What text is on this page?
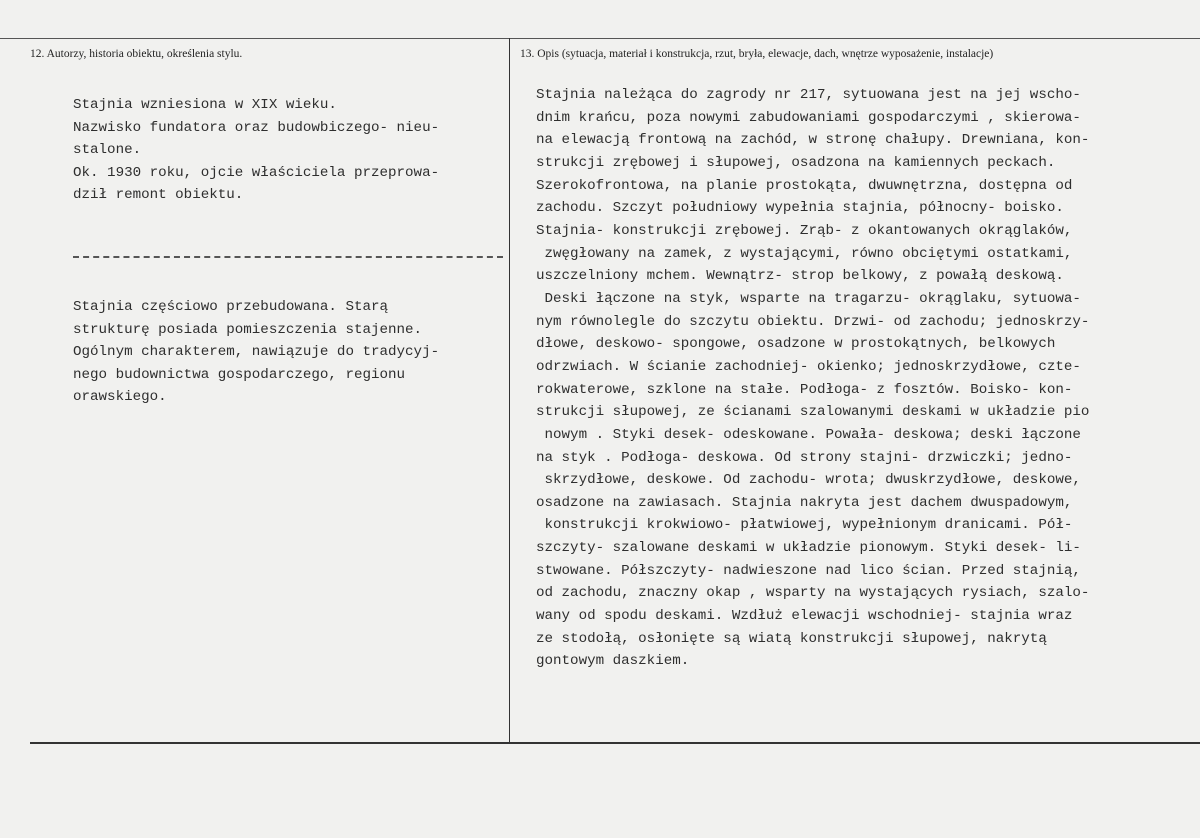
12. Autorzy, historia obiektu, określenia stylu.	13. Opis (sytuacja, materiał i konstrukcja, rzut, bryła, elewacje, dach, wnętrze wyposażenie, instalacje)
Stajnia wzniesiona w XIX wieku.
Nazwisko fundatora oraz budowbiczego- nieu-
stalone.
Ok. 1930 roku, ojcie właściciela przeprowa-
dził remont obiektu.
Stajnia częściowo przebudowana. Starą
strukturę posiada pomieszczenia stajenne.
Ogólnym charakterem, nawiązuje do tradycyj-
nego budownictwa gospodarczego, regionu
orawskiego.
Stajnia należąca do zagrody nr 217, sytuowana jest na jej wscho-
dnim krańcu, poza nowymi zabudowaniami gospodarczymi , skierowa-
na elewacją frontową na zachód, w stronę chałupy. Drewniana, kon-
strukcji zrębowej i słupowej, osadzona na kamiennych peckach.
Szerokofrontowa, na planie prostokąta, dwuwnętrzna, dostępna od
zachodu. Szczyt południowy wypełnia stajnia, północny- boisko.
Stajnia- konstrukcji zrębowej. Zrąb- z okantowanych okrąglaków,
zwęgłowany na zamek, z wystającymi, równo obciętymi ostatkami,
uszczelniony mchem. Wewnątrz- strop belkowy, z powałą deskową.
Deski łączone na styk, wsparte na tragarzu- okrąglaku, sytuowa-
nym równolegle do szczytu obiektu. Drzwi- od zachodu; jednoskrzy-
dłowe, deskowo- spongowe, osadzone w prostokątnych, belkowych
odrzwiach. W ścianie zachodniej- okienko; jednoskrzydłowe, czte-
rokwaterowe, szklone na stałe. Podłoga- z fosztów. Boisko- kon-
strukcji słupowej, ze ścianami szalowanymi deskami w układzie pio
nowym . Styki desek- odeskowane. Powała- deskowa; deski łączone
na styk . Podłoga- deskowa. Od strony stajni- drzwiczki; jedno-
skrzydłowe, deskowe. Od zachodu- wrota; dwuskrzydłowe, deskowe,
osadzone na zawiasach. Stajnia nakryta jest dachem dwuspadowym,
konstrukcji krokwiowo- płatwiowej, wypełnionym dranicami. Pół-
szczyty- szalowane deskami w układzie pionowym. Styki desek- li-
stwowane. Półszczyty- nadwieszone nad lico ścian. Przed stajnią,
od zachodu, znaczny okap , wsparty na wystających rysiach, szalo-
wany od spodu deskami. Wzdłuż elewacji wschodniej- stajnia wraz
ze stodołą, osłonięte są wiatą konstrukcji słupowej, nakrytą
gontowym daszkiem.
